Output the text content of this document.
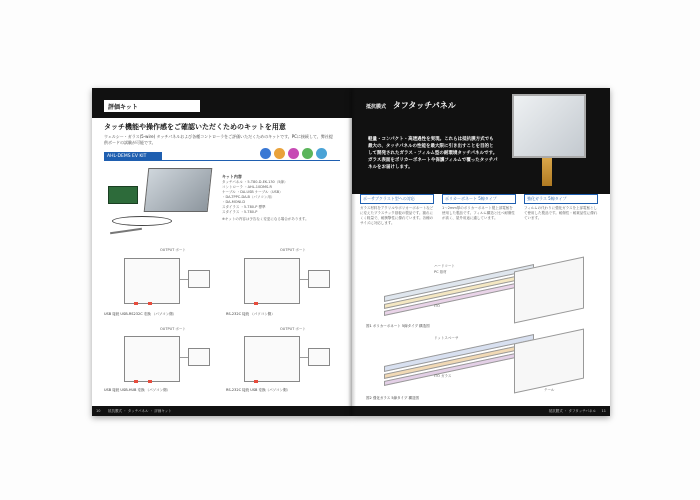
評価キット
タッチ機能や操作感をご確認いただくためのキットを用意
ウェルシー・ガラス(5-wire) タッチパネルおよび各種コントローラをご評価いただくためのキットです。PCに接続して、弊社提供ボードの試験が可能です。
AHL-DEMS EV KIT
キット内容
タッチパネル ・5-T80-D-EK-130（5線）
コントローラ ・AHL-10DMS-R
ケーブル ・DA-USB ケーブル（USB）
・DA-TPPC-DA-B（パソコン用）
・DA-MONI-D
スタイラス ・5-T80-P 標準
スタイラス ・5-T80-P
※キットの内容は予告なく変更になる場合があります。
OUTPUT ポート
USB 接続 USB-RS232C 変換 （パソコン側）
OUTPUT ポート
RS-232C 接続 （パソコン側）
OUTPUT ポート
USB 接続 USB-HUB 変換 （パソコン側）
OUTPUT ポート
RS-232C 接続 USB 変換（パソコン側）
10 抵抗膜式 ・ タッチパネル ・ 評価キット
抵抗膜式 タフタッチパネル
軽量・コンパクト・高透過性を実現。これらは抵抗膜方式でも最大の、タッチパネルの性能を最大限に引き出すことを目的として開発されたガラス・フィルム型の耐環境タッチパネルです。ガラス表面をポリカーボネートや保護フィルムで覆ったタッチパネルをお届けします。
ポーサブクラスト型への対応
ガラス材料をアクリルやポリカーボネートなどに変えたプラスチック基板の製品です。割れにくく軽量で、耐衝撃性に優れています。各種のサイズに対応します。
ポリカーボネート 5線タイプ
1〜2mm厚のポリカーボネート製上部電極を使用した製品です。フィルム構造と比べ耐傷性が高く、屋外用途に適しています。
強化ガラス 5線タイプ
フィルムの代わりに強化ガラスを上部電極として使用した製品です。耐傷性・耐薬品性に優れています。
ハードコート
PC 基材
ITO
図1 ポリカーボネート 5線タイプ 構造図
ドットスペーサ
ITO ガラス
テール
図2 強化ガラス 5線タイプ 構造図
抵抗膜式 ・ タフタッチパネル 11
